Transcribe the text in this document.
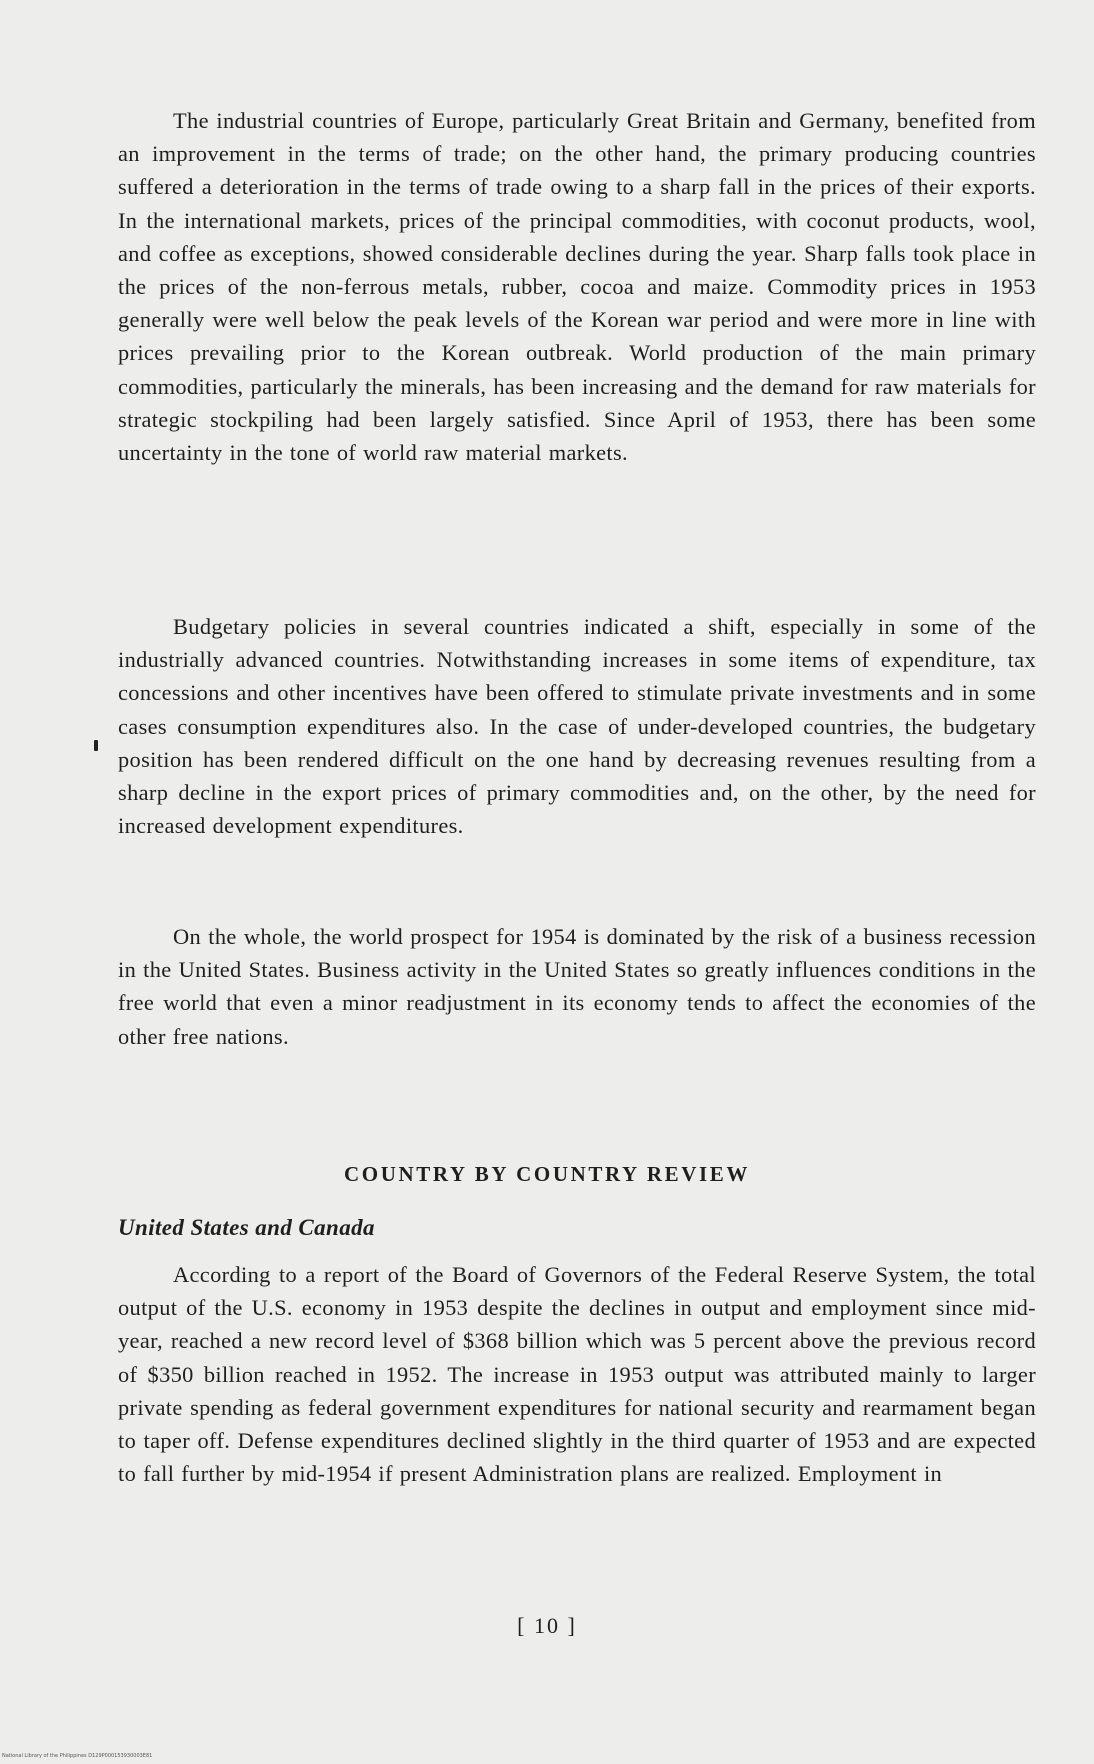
The industrial countries of Europe, particularly Great Britain and Germany, benefited from an improvement in the terms of trade; on the other hand, the primary producing countries suffered a deterioration in the terms of trade owing to a sharp fall in the prices of their exports. In the international markets, prices of the principal commodities, with coconut products, wool, and coffee as exceptions, showed considerable declines during the year. Sharp falls took place in the prices of the non-ferrous metals, rubber, cocoa and maize. Commodity prices in 1953 generally were well below the peak levels of the Korean war period and were more in line with prices prevailing prior to the Korean outbreak. World production of the main primary commodities, particularly the minerals, has been increasing and the demand for raw materials for strategic stockpiling had been largely satisfied. Since April of 1953, there has been some uncertainty in the tone of world raw material markets.

Budgetary policies in several countries indicated a shift, especially in some of the industrially advanced countries. Notwithstanding increases in some items of expenditure, tax concessions and other incentives have been offered to stimulate private investments and in some cases consumption expenditures also. In the case of under-developed countries, the budgetary position has been rendered difficult on the one hand by decreasing revenues resulting from a sharp decline in the export prices of primary commodities and, on the other, by the need for increased development expenditures.

On the whole, the world prospect for 1954 is dominated by the risk of a business recession in the United States. Business activity in the United States so greatly influences conditions in the free world that even a minor readjustment in its economy tends to affect the economies of the other free nations.

COUNTRY BY COUNTRY REVIEW
United States and Canada

According to a report of the Board of Governors of the Federal Reserve System, the total output of the U.S. economy in 1953 despite the declines in output and employment since mid-year, reached a new record level of $368 billion which was 5 percent above the previous record of $350 billion reached in 1952. The increase in 1953 output was attributed mainly to larger private spending as federal government expenditures for national security and rearmament began to taper off. Defense expenditures declined slightly in the third quarter of 1953 and are expected to fall further by mid-1954 if present Administration plans are realized. Employment in

[ 10 ]
National Library of the Philippines D129P000153930003E81
